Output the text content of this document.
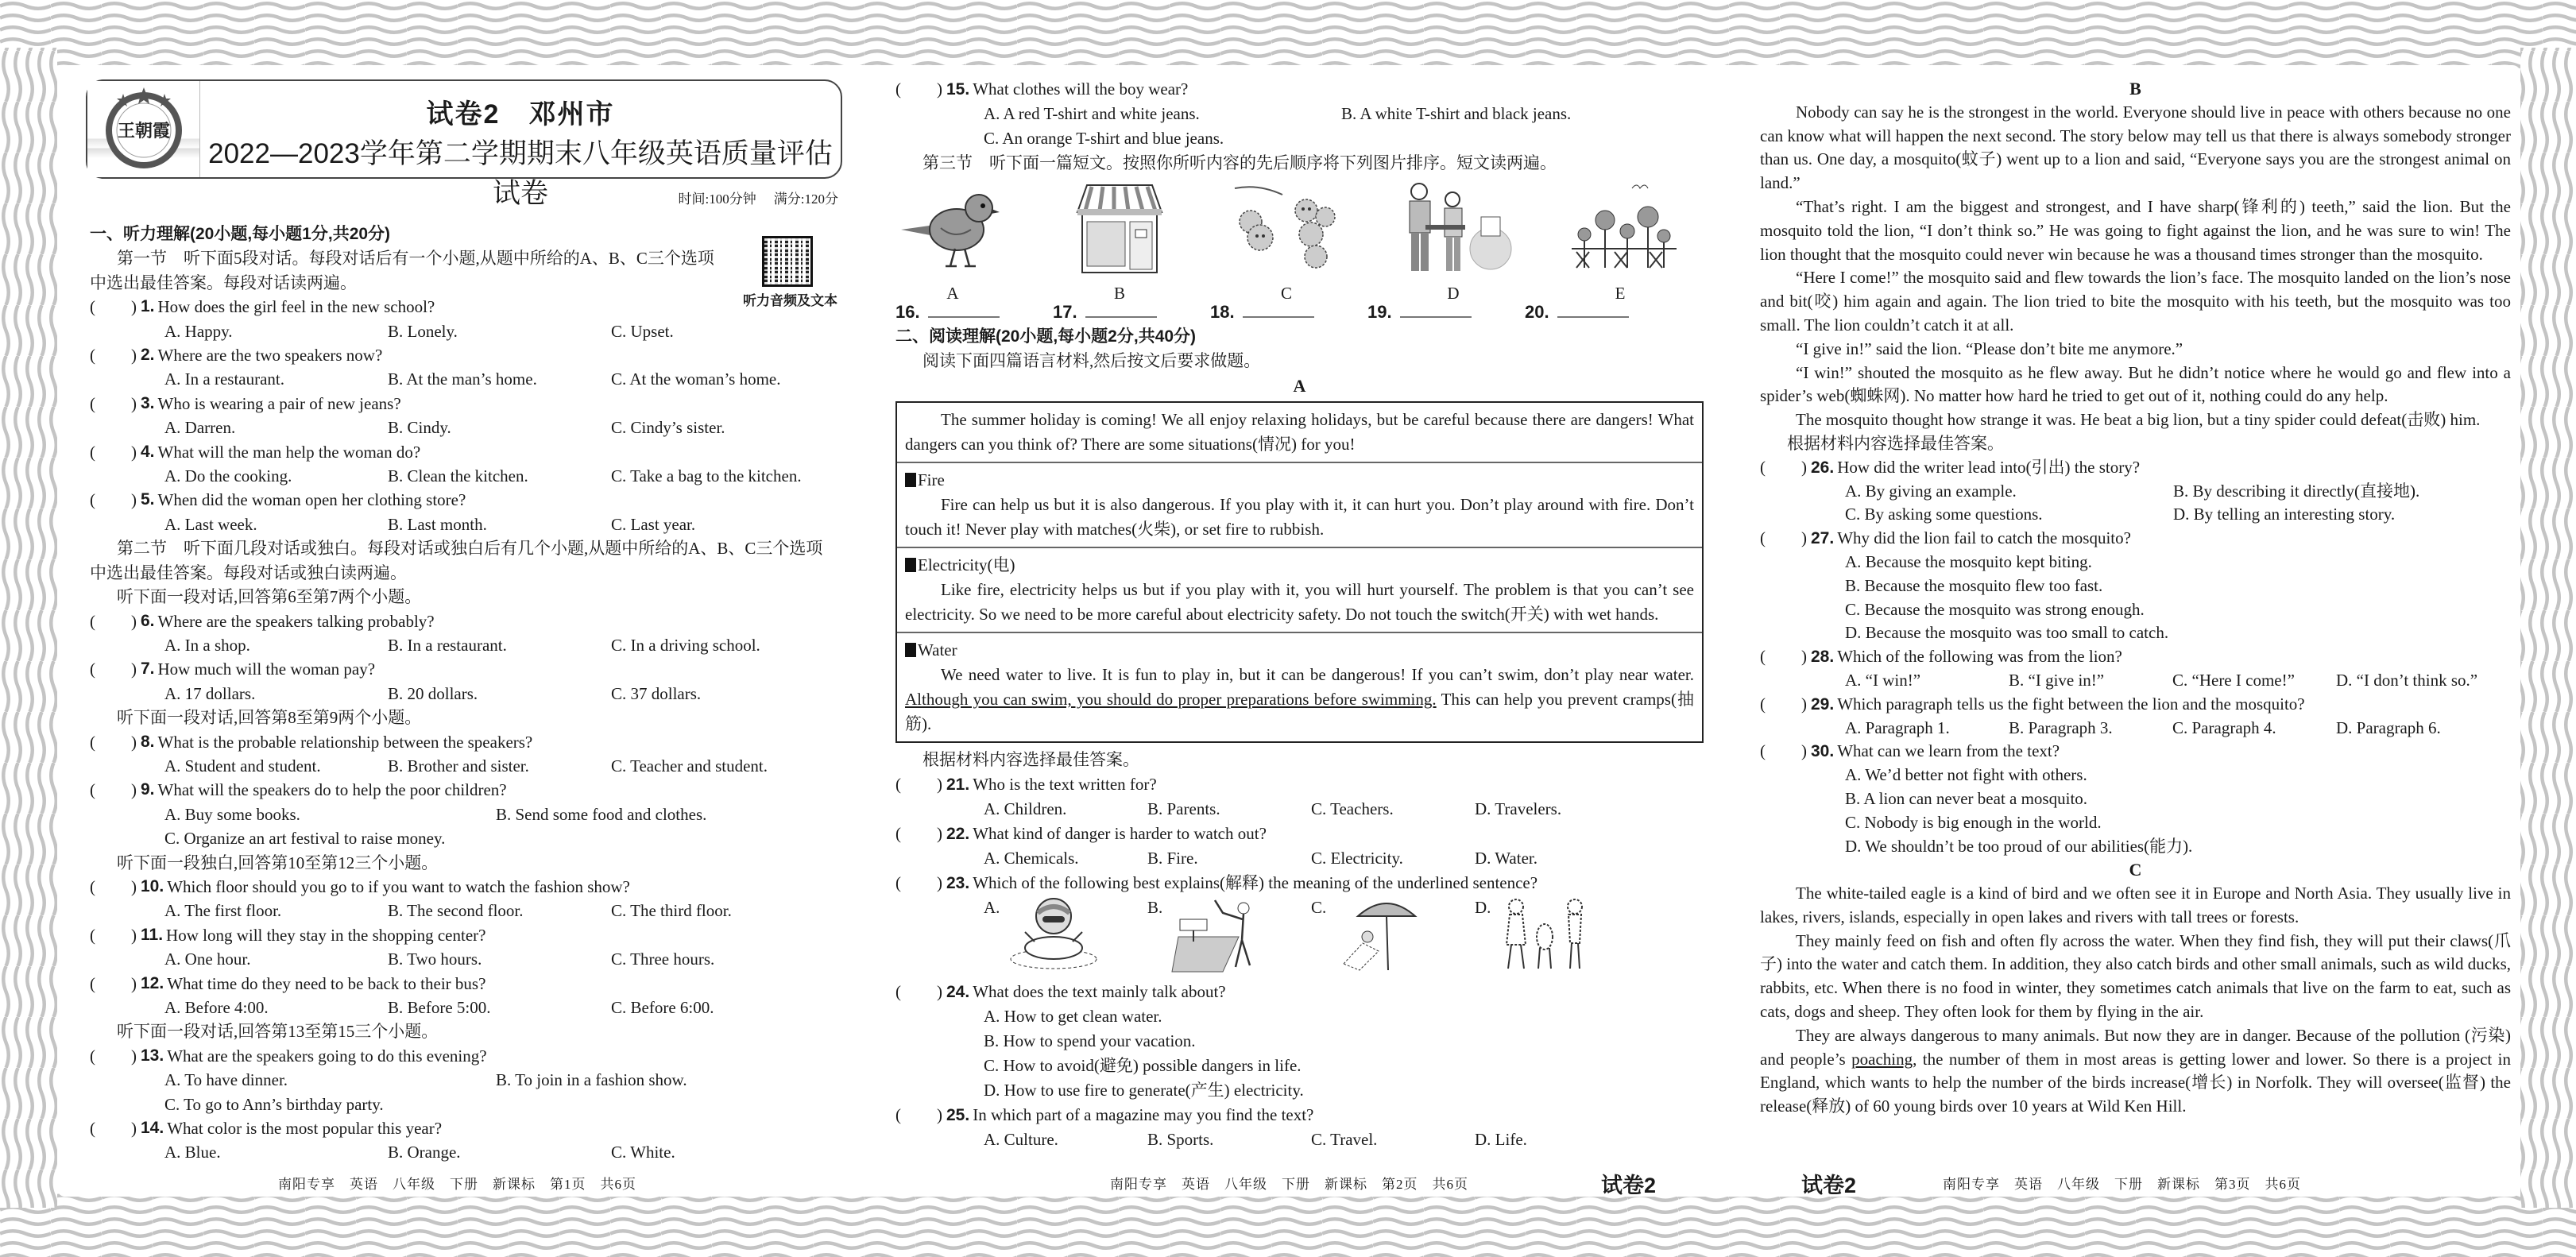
王朝霞
试卷2　邓州市
2022—2023学年第二学期期末八年级英语质量评估试卷	时间:100分钟 满分:120分
听力音频及文本
一、听力理解(20小题,每小题1分,共20分)
第一节　听下面5段对话。每段对话后有一个小题,从题中所给的A、B、C三个选项中选出最佳答案。每段对话读两遍。
(	) 1. How does the girl feel in the new school?
A. Happy.	B. Lonely.	C. Upset.
(	) 2. Where are the two speakers now?
A. In a restaurant.	B. At the man’s home.	C. At the woman’s home.
(	) 3. Who is wearing a pair of new jeans?
A. Darren.	B. Cindy.	C. Cindy’s sister.
(	) 4. What will the man help the woman do?
A. Do the cooking.	B. Clean the kitchen.	C. Take a bag to the kitchen.
(	) 5. When did the woman open her clothing store?
A. Last week.	B. Last month.	C. Last year.
第二节　听下面几段对话或独白。每段对话或独白后有几个小题,从题中所给的A、B、C三个选项中选出最佳答案。每段对话或独白读两遍。
听下面一段对话,回答第6至第7两个小题。
(	) 6. Where are the speakers talking probably?
A. In a shop.	B. In a restaurant.	C. In a driving school.
(	) 7. How much will the woman pay?
A. 17 dollars.	B. 20 dollars.	C. 37 dollars.
听下面一段对话,回答第8至第9两个小题。
(	) 8. What is the probable relationship between the speakers?
A. Student and student.	B. Brother and sister.	C. Teacher and student.
(	) 9. What will the speakers do to help the poor children?
A. Buy some books.	B. Send some food and clothes.
C. Organize an art festival to raise money.
听下面一段独白,回答第10至第12三个小题。
(	) 10. Which floor should you go to if you want to watch the fashion show?
A. The first floor.	B. The second floor.	C. The third floor.
(	) 11. How long will they stay in the shopping center?
A. One hour.	B. Two hours.	C. Three hours.
(	) 12. What time do they need to be back to their bus?
A. Before 4:00.	B. Before 5:00.	C. Before 6:00.
听下面一段对话,回答第13至第15三个小题。
(	) 13. What are the speakers going to do this evening?
A. To have dinner.	B. To join in a fashion show.
C. To go to Ann’s birthday party.
(	) 14. What color is the most popular this year?
A. Blue.	B. Orange.	C. White.
(	) 15. What clothes will the boy wear?
A. A red T-shirt and white jeans.	B. A white T-shirt and black jeans.
C. An orange T-shirt and blue jeans.
第三节　听下面一篇短文。按照你所听内容的先后顺序将下列图片排序。短文读两遍。
A	B	C	D	E
16.	17.	18.	19.	20.
二、阅读理解(20小题,每小题2分,共40分)
阅读下面四篇语言材料,然后按文后要求做题。
A
The summer holiday is coming! We all enjoy relaxing holidays, but be careful because there are dangers! What dangers can you think of? There are some situations(情况) for you!
Fire
Fire can help us but it is also dangerous. If you play with it, it can hurt you. Don’t play around with fire. Don’t touch it! Never play with matches(火柴), or set fire to rubbish.
Electricity(电)
Like fire, electricity helps us but if you play with it, you will hurt yourself. The problem is that you can’t see electricity. So we need to be more careful about electricity safety. Do not touch the switch(开关) with wet hands.
Water
We need water to live. It is fun to play in, but it can be dangerous! If you can’t swim, don’t play near water. Although you can swim, you should do proper preparations before swimming. This can help you prevent cramps(抽筋).
根据材料内容选择最佳答案。
(	) 21. Who is the text written for?
A. Children.	B. Parents.	C. Teachers.	D. Travelers.
(	) 22. What kind of danger is harder to watch out?
A. Chemicals.	B. Fire.	C. Electricity.	D. Water.
(	) 23. Which of the following best explains(解释) the meaning of the underlined sentence?
A.	B.	C.	D.
(	) 24. What does the text mainly talk about?
A. How to get clean water.
B. How to spend your vacation.
C. How to avoid(避免) possible dangers in life.
D. How to use fire to generate(产生) electricity.
(	) 25. In which part of a magazine may you find the text?
A. Culture.	B. Sports.	C. Travel.	D. Life.
B
Nobody can say he is the strongest in the world. Everyone should live in peace with others because no one can know what will happen the next second. The story below may tell us that there is always somebody stronger than us. One day, a mosquito(蚊子) went up to a lion and said, “Everyone says you are the strongest animal on land.”
“That’s right. I am the biggest and strongest, and I have sharp(锋利的) teeth,” said the lion. But the mosquito told the lion, “I don’t think so.” He was going to fight against the lion, and he was sure to win! The lion thought that the mosquito could never win because he was a thousand times stronger than the mosquito.
“Here I come!” the mosquito said and flew towards the lion’s face. The mosquito landed on the lion’s nose and bit(咬) him again and again. The lion tried to bite the mosquito with his teeth, but the mosquito was too small. The lion couldn’t catch it at all.
“I give in!” said the lion. “Please don’t bite me anymore.”
“I win!” shouted the mosquito as he flew away. But he didn’t notice where he would go and flew into a spider’s web(蜘蛛网). No matter how hard he tried to get out of it, nothing could do any help.
The mosquito thought how strange it was. He beat a big lion, but a tiny spider could defeat(击败) him.
根据材料内容选择最佳答案。
(	) 26. How did the writer lead into(引出) the story?
A. By giving an example.	B. By describing it directly(直接地).
C. By asking some questions.	D. By telling an interesting story.
(	) 27. Why did the lion fail to catch the mosquito?
A. Because the mosquito kept biting.
B. Because the mosquito flew too fast.
C. Because the mosquito was strong enough.
D. Because the mosquito was too small to catch.
(	) 28. Which of the following was from the lion?
A. “I win!”	B. “I give in!”	C. “Here I come!”	D. “I don’t think so.”
(	) 29. Which paragraph tells us the fight between the lion and the mosquito?
A. Paragraph 1.	B. Paragraph 3.	C. Paragraph 4.	D. Paragraph 6.
(	) 30. What can we learn from the text?
A. We’d better not fight with others.
B. A lion can never beat a mosquito.
C. Nobody is big enough in the world.
D. We shouldn’t be too proud of our abilities(能力).
C
The white-tailed eagle is a kind of bird and we often see it in Europe and North Asia. They usually live in lakes, rivers, islands, especially in open lakes and rivers with tall trees or forests.
They mainly feed on fish and often fly across the water. When they find fish, they will put their claws(爪子) into the water and catch them. In addition, they also catch birds and other small animals, such as wild ducks, rabbits, etc. When there is no food in winter, they sometimes catch animals that live on the farm to eat, such as cats, dogs and sheep. They often look for them by flying in the air.
They are always dangerous to many animals. But now they are in danger. Because of the pollution (污染) and people’s poaching, the number of them in most areas is getting lower and lower. So there is a project in England, which wants to help the number of the birds increase(增长) in Norfolk. They will oversee(监督) the release(释放) of 60 young birds over 10 years at Wild Ken Hill.
南阳专享　英语　八年级　下册　新课标　第1页　共6页	南阳专享　英语　八年级　下册　新课标　第2页　共6页	试卷2	试卷2	南阳专享　英语　八年级　下册　新课标　第3页　共6页
